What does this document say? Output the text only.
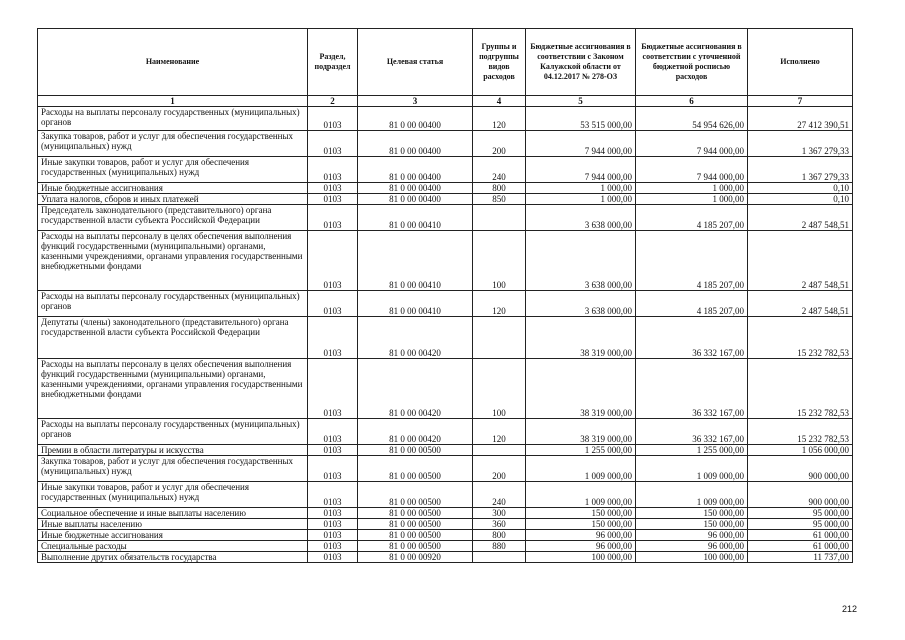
Наименование	Раздел, подраздел	Целевая статья	Группы и подгруппы видов расходов	Бюджетные ассигнования в соответствии с Законом Калужской области от 04.12.2017 № 278-ОЗ	Бюджетные ассигнования в соответствии с уточненной бюджетной росписью расходов	Исполнено
1	2	3	4	5	6	7
Расходы на выплаты персоналу государственных (муниципальных) органов	0103	81 0 00 00400	120	53 515 000,00	54 954 626,00	27 412 390,51
Закупка товаров, работ и услуг для обеспечения государственных (муниципальных) нужд	0103	81 0 00 00400	200	7 944 000,00	7 944 000,00	1 367 279,33
Иные закупки товаров, работ и услуг для обеспечения государственных (муниципальных) нужд	0103	81 0 00 00400	240	7 944 000,00	7 944 000,00	1 367 279,33
Иные бюджетные ассигнования	0103	81 0 00 00400	800	1 000,00	1 000,00	0,10
Уплата налогов, сборов и иных платежей	0103	81 0 00 00400	850	1 000,00	1 000,00	0,10
Председатель законодательного (представительного) органа государственной власти субъекта Российской Федерации	0103	81 0 00 00410		3 638 000,00	4 185 207,00	2 487 548,51
Расходы на выплаты персоналу в целях обеспечения выполнения функций государственными (муниципальными) органами, казенными учреждениями, органами управления государственными внебюджетными фондами	0103	81 0 00 00410	100	3 638 000,00	4 185 207,00	2 487 548,51
Расходы на выплаты персоналу государственных (муниципальных) органов	0103	81 0 00 00410	120	3 638 000,00	4 185 207,00	2 487 548,51
Депутаты (члены) законодательного (представительного) органа государственной власти субъекта Российской Федерации	0103	81 0 00 00420		38 319 000,00	36 332 167,00	15 232 782,53
Расходы на выплаты персоналу в целях обеспечения выполнения функций государственными (муниципальными) органами, казенными учреждениями, органами управления государственными внебюджетными фондами	0103	81 0 00 00420	100	38 319 000,00	36 332 167,00	15 232 782,53
Расходы на выплаты персоналу государственных (муниципальных) органов	0103	81 0 00 00420	120	38 319 000,00	36 332 167,00	15 232 782,53
Премии в области литературы и искусства	0103	81 0 00 00500		1 255 000,00	1 255 000,00	1 056 000,00
Закупка товаров, работ и услуг для обеспечения государственных (муниципальных) нужд	0103	81 0 00 00500	200	1 009 000,00	1 009 000,00	900 000,00
Иные закупки товаров, работ и услуг для обеспечения государственных (муниципальных) нужд	0103	81 0 00 00500	240	1 009 000,00	1 009 000,00	900 000,00
Социальное обеспечение и иные выплаты населению	0103	81 0 00 00500	300	150 000,00	150 000,00	95 000,00
Иные выплаты населению	0103	81 0 00 00500	360	150 000,00	150 000,00	95 000,00
Иные бюджетные ассигнования	0103	81 0 00 00500	800	96 000,00	96 000,00	61 000,00
Специальные расходы	0103	81 0 00 00500	880	96 000,00	96 000,00	61 000,00
Выполнение других обязательств государства	0103	81 0 00 00920		100 000,00	100 000,00	11 737,00
212
